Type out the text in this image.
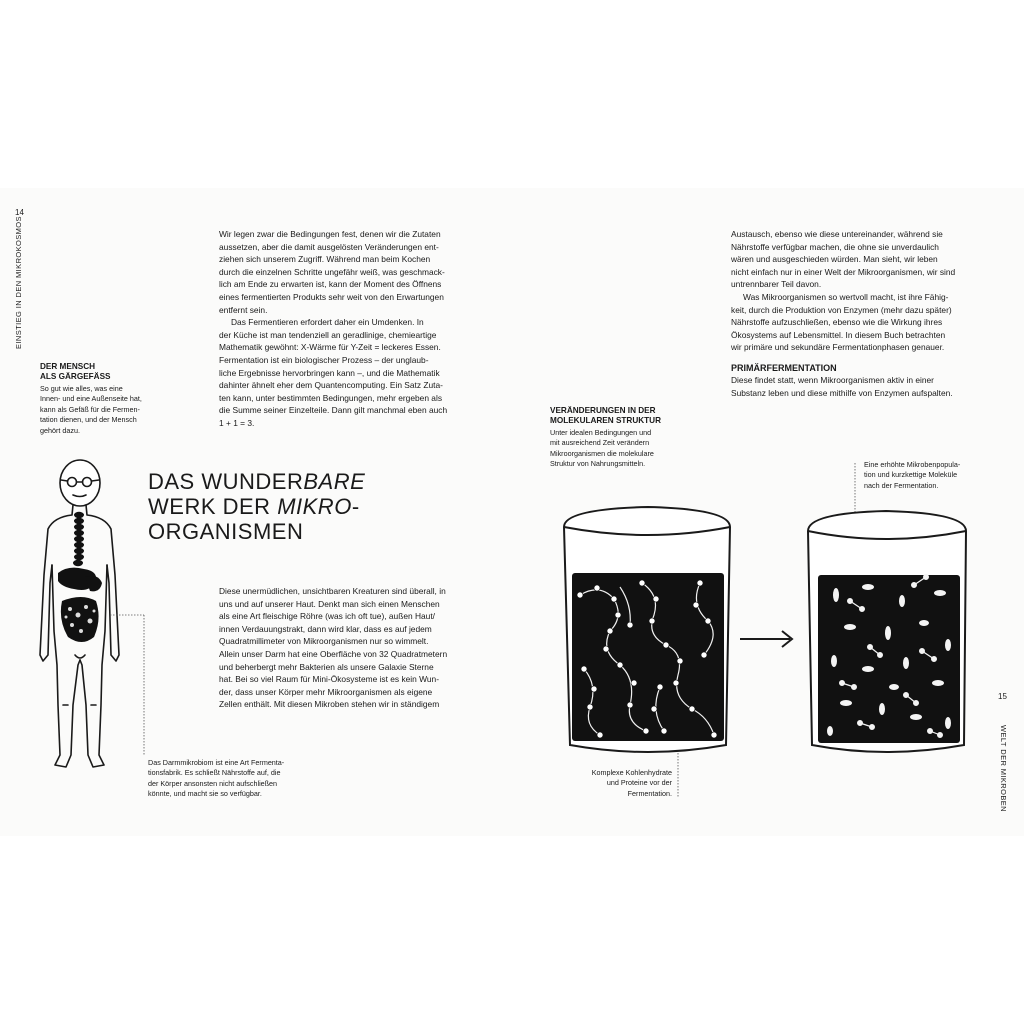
14
EINSTIEG IN DEN MIKROKOSMOS
DER MENSCH
ALS GÄRGEFÄSS
So gut wie alles, was eine
Innen- und eine Außenseite hat,
kann als Gefäß für die Fermen-
tation dienen, und der Mensch
gehört dazu.

Wir legen zwar die Bedingungen fest, denen wir die Zutaten

aussetzen, aber die damit ausgelösten Veränderungen ent-

ziehen sich unserem Zugriff. Während man beim Kochen

durch die einzelnen Schritte ungefähr weiß, was geschmack-

lich am Ende zu erwarten ist, kann der Moment des Öffnens

eines fermentierten Produkts sehr weit von den Erwartungen

entfernt sein.

Das Fermentieren erfordert daher ein Umdenken. In

der Küche ist man tendenziell an geradlinige, chemieartige

Mathematik gewöhnt: X-Wärme für Y-Zeit = leckeres Essen.

Fermentation ist ein biologischer Prozess – der unglaub-

liche Ergebnisse hervorbringen kann –, und die Mathematik

dahinter ähnelt eher dem Quantencomputing. Ein Satz Zuta-

ten kann, unter bestimmten Bedingungen, mehr ergeben als

die Summe seiner Einzelteile. Dann gilt manchmal eben auch

1 + 1 = 3.

DAS WUNDERBARE
WERK DER MIKRO-
ORGANISMEN

Diese unermüdlichen, unsichtbaren Kreaturen sind überall, in

uns und auf unserer Haut. Denkt man sich einen Menschen

als eine Art fleischige Röhre (was ich oft tue), außen Haut/

innen Verdauungstrakt, dann wird klar, dass es auf jedem

Quadratmillimeter von Mikroorganismen nur so wimmelt.

Allein unser Darm hat eine Oberfläche von 32 Quadratmetern

und beherbergt mehr Bakterien als unsere Galaxie Sterne

hat. Bei so viel Raum für Mini-Ökosysteme ist es kein Wun-

der, dass unser Körper mehr Mikroorganismen als eigene

Zellen enthält. Mit diesen Mikroben stehen wir in ständigem

Das Darmmikrobiom ist eine Art Fermenta-
tionsfabrik. Es schließt Nährstoffe auf, die
der Körper ansonsten nicht aufschließen
könnte, und macht sie so verfügbar.

Austausch, ebenso wie diese untereinander, während sie

Nährstoffe verfügbar machen, die ohne sie unverdaulich

wären und ausgeschieden würden. Man sieht, wir leben

nicht einfach nur in einer Welt der Mikroorganismen, wir sind

untrennbarer Teil davon.

Was Mikroorganismen so wertvoll macht, ist ihre Fähig-

keit, durch die Produktion von Enzymen (mehr dazu später)

Nährstoffe aufzuschließen, ebenso wie die Wirkung ihres

Ökosystems auf Lebensmittel. In diesem Buch betrachten

wir primäre und sekundäre Fermentationphasen genauer.

PRIMÄRFERMENTATION

Diese findet statt, wenn Mikroorganismen aktiv in einer

Substanz leben und diese mithilfe von Enzymen aufspalten.

VERÄNDERUNGEN IN DER
MOLEKULAREN STRUKTUR
Unter idealen Bedingungen und
mit ausreichend Zeit verändern
Mikroorganismen die molekulare
Struktur von Nahrungsmitteln.	Eine erhöhte Mikrobenpopula-
tion und kurzkettige Moleküle
nach der Fermentation.
Komplexe Kohlenhydrate
und Proteine vor der
Fermentation.
15
WELT DER MIKROBEN
